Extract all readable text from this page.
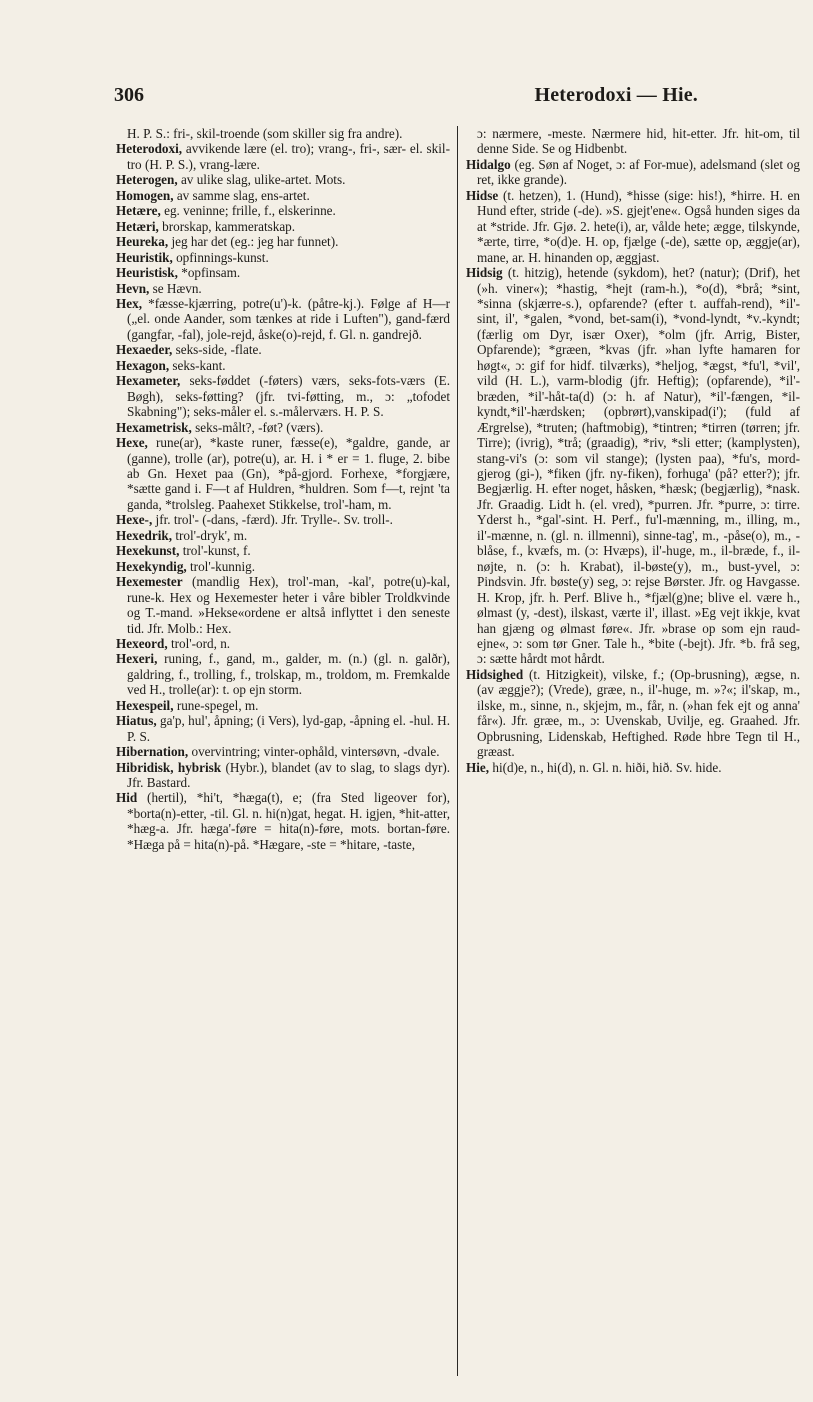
306	Heterodoxi — Hie.

H. P. S.: fri-, skil-troende (som skiller sig fra andre).

Heterodoxi, avvikende lære (el. tro); vrang-, fri-, sær- el. skil-tro (H. P. S.), vrang-lære.

Heterogen, av ulike slag, ulike-artet. Mots.

Homogen, av samme slag, ens-artet.

Hetære, eg. veninne; frille, f., elskerinne.

Hetæri, brorskap, kammeratskap.

Heureka, jeg har det (eg.: jeg har funnet).

Heuristik, opfinnings-kunst.

Heuristisk, *opfinsam.

Hevn, se Hævn.

Hex, *fæsse-kjærring, potre(u')-k. (påtre-kj.). Følge af H—r („el. onde Aander, som tænkes at ride i Luften"), gand-færd (gangfar, -fal), jole-rejd, åske(o)-rejd, f. Gl. n. gandrejð.

Hexaeder, seks-side, -flate.

Hexagon, seks-kant.

Hexameter, seks-føddet (-føters) værs, seks-fots-værs (E. Bøgh), seks-føtting? (jfr. tvi-føtting, m., ɔ: „tofodet Skabning"); seks-måler el. s.-målerværs. H. P. S.

Hexametrisk, seks-målt?, -føt? (værs).

Hexe, rune(ar), *kaste runer, fæsse(e), *galdre, gande, ar (ganne), trolle (ar), potre(u), ar. H. i * er = 1. fluge, 2. bibe ab Gn. Hexet paa (Gn), *på-gjord. Forhexe, *forgjære, *sætte gand i. F—t af Huldren, *huldren. Som f—t, rejnt 'ta ganda, *trolsleg. Paahexet Stikkelse, trol'-ham, m.

Hexe-, jfr. trol'- (-dans, -færd). Jfr. Trylle-. Sv. troll-.

Hexedrik, trol'-dryk', m.

Hexekunst, trol'-kunst, f.

Hexekyndig, trol'-kunnig.

Hexemester (mandlig Hex), trol'-man, -kal', potre(u)-kal, rune-k. Hex og Hexemester heter i våre bibler Troldkvinde og T.-mand. »Hekse«ordene er altså inflyttet i den seneste tid. Jfr. Molb.: Hex.

Hexeord, trol'-ord, n.

Hexeri, runing, f., gand, m., galder, m. (n.) (gl. n. galðr), galdring, f., trolling, f., trolskap, m., troldom, m. Fremkalde ved H., trolle(ar): t. op ejn storm.

Hexespeil, rune-spegel, m.

Hiatus, ga'p, hul', åpning; (i Vers), lyd-gap, -åpning el. -hul. H. P. S.

Hibernation, overvintring; vinter-ophåld, vintersøvn, -dvale.

Hibridisk, hybrisk (Hybr.), blandet (av to slag, to slags dyr). Jfr. Bastard.

Hid (hertil), *hi't, *hæga(t), e; (fra Sted ligeover for), *borta(n)-etter, -til. Gl. n. hi(n)gat, hegat. H. igjen, *hit-atter, *hæg-a. Jfr. hæga'-føre = hita(n)-føre, mots. bortan-føre. *Hæga på = hita(n)-på. *Hægare, -ste = *hitare, -taste,

ɔ: nærmere, -meste. Nærmere hid, hit-etter. Jfr. hit-om, til denne Side. Se og Hidbenbt.

Hidalgo (eg. Søn af Noget, ɔ: af For-mue), adelsmand (slet og ret, ikke grande).

Hidse (t. hetzen), 1. (Hund), *hisse (sige: his!), *hirre. H. en Hund efter, stride (-de). »S. gjejt'ene«. Også hunden siges da at *stride. Jfr. Gjø. 2. hete(i), ar, vålde hete; ægge, tilskynde, *ærte, tirre, *o(d)e. H. op, fjælge (-de), sætte op, æggje(ar), mane, ar. H. hinanden op, æggjast.

Hidsig (t. hitzig), hetende (sykdom), het? (natur); (Drif), het (»h. viner«); *hastig, *hejt (ram-h.), *o(d), *brå; *sint, *sinna (skjærre-s.), opfarende? (efter t. auffah-rend), *il'-sint, il', *galen, *vond, bet-sam(i), *vond-lyndt, *v.-kyndt; (færlig om Dyr, især Oxer), *olm (jfr. Arrig, Bister, Opfarende); *græen, *kvas (jfr. »han lyfte hamaren for høgt«, ɔ: gif for hidf. tilværks), *heljog, *ægst, *fu'l, *vil', vild (H. L.), varm-blodig (jfr. Heftig); (opfarende), *il'-bræden, *il'-håt-ta(d) (ɔ: h. af Natur), *il'-fængen, *il-kyndt,*il'-hærdsken; (opbrørt),vanskipad(i'); (fuld af Ærgrelse), *truten; (haftmobig), *tintren; *tirren (tørren; jfr. Tirre); (ivrig), *trå; (graadig), *riv, *sli etter; (kamplysten), stang-vi's (ɔ: som vil stange); (lysten paa), *fu's, mord-gjerog (gi-), *fiken (jfr. ny-fiken), forhuga' (på? etter?); jfr. Begjærlig. H. efter noget, håsken, *hæsk; (begjærlig), *nask. Jfr. Graadig. Lidt h. (el. vred), *purren. Jfr. *purre, ɔ: tirre. Yderst h., *gal'-sint. H. Perf., fu'l-mænning, m., illing, m., il'-mænne, n. (gl. n. illmenni), sinne-tag', m., -påse(o), m., -blåse, f., kvæfs, m. (ɔ: Hvæps), il'-huge, m., il-bræde, f., il-nøjte, n. (ɔ: h. Krabat), il-bøste(y), m., bust-yvel, ɔ: Pindsvin. Jfr. bøste(y) seg, ɔ: rejse Børster. Jfr. og Havgasse. H. Krop, jfr. h. Perf. Blive h., *fjæl(g)ne; blive el. være h., ølmast (y, -dest), ilskast, værte il', illast. »Eg vejt ikkje, kvat han gjæng og ølmast føre«. Jfr. »brase op som ejn raud-ejne«, ɔ: som tør Gner. Tale h., *bite (-bejt). Jfr. *b. frå seg, ɔ: sætte hårdt mot hårdt.

Hidsighed (t. Hitzigkeit), vilske, f.; (Op-brusning), ægse, n. (av æggje?); (Vrede), græe, n., il'-huge, m. »?«; il'skap, m., ilske, m., sinne, n., skjejm, m., får, n. (»han fek ejt og anna' får«). Jfr. græe, m., ɔ: Uvenskab, Uvilje, eg. Graahed. Jfr. Opbrusning, Lidenskab, Heftighed. Røde hbre Tegn til H., græast.

Hie, hi(d)e, n., hi(d), n. Gl. n. hiði, hið. Sv. hide.
